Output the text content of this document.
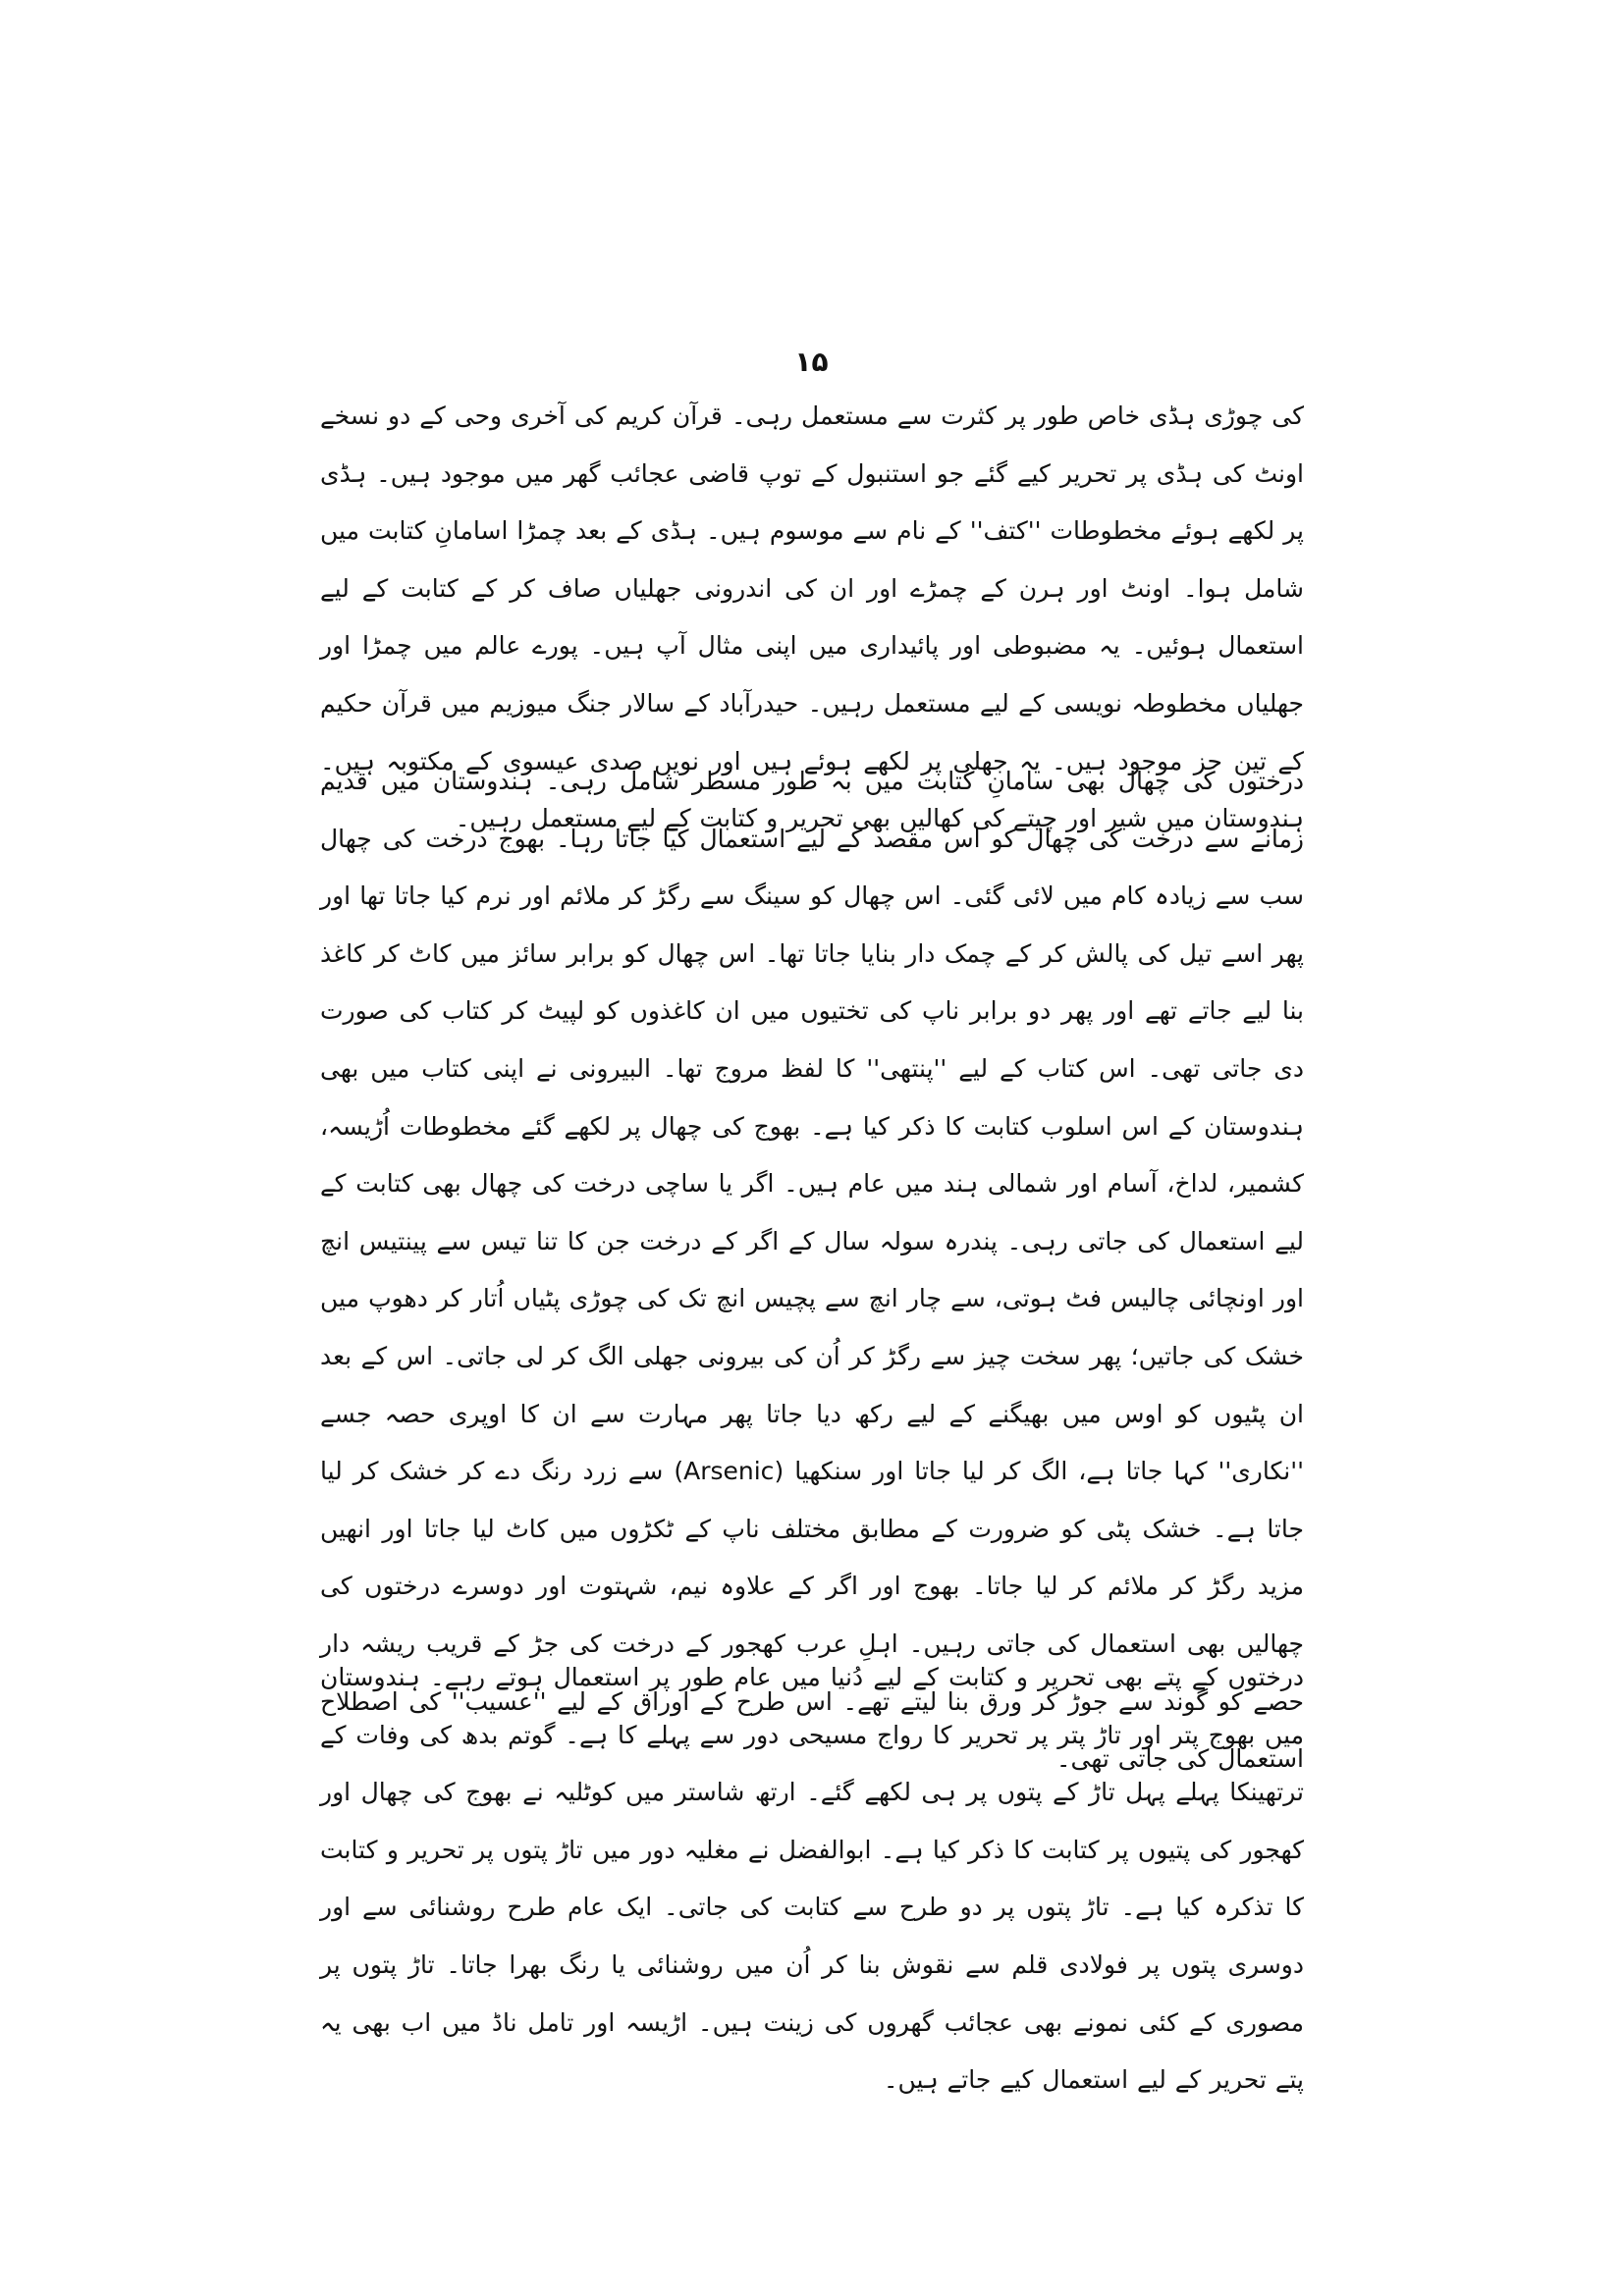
۱۵

کی چوڑی ہڈی خاص طور پر کثرت سے مستعمل رہی۔ قرآن کریم کی آخری وحی کے دو نسخے اونٹ کی ہڈی پر تحریر کیے گئے جو استنبول کے توپ قاضی عجائب گھر میں موجود ہیں۔ ہڈی پر لکھے ہوئے مخطوطات ''کتف'' کے نام سے موسوم ہیں۔ ہڈی کے بعد چمڑا اسامانِ کتابت میں شامل ہوا۔ اونٹ اور ہرن کے چمڑے اور ان کی اندرونی جھلیاں صاف کر کے کتابت کے لیے استعمال ہوئیں۔ یہ مضبوطی اور پائیداری میں اپنی مثال آپ ہیں۔ پورے عالم میں چمڑا اور جھلیاں مخطوطہ نویسی کے لیے مستعمل رہیں۔ حیدرآباد کے سالار جنگ میوزیم میں قرآن حکیم کے تین جز موجود ہیں۔ یہ جھلی پر لکھے ہوئے ہیں اور نویں صدی عیسوی کے مکتوبہ ہیں۔ ہندوستان میں شیر اور چیتے کی کھالیں بھی تحریر و کتابت کے لیے مستعمل رہیں۔

درختوں کی چھال بھی سامانِ کتابت میں بہ طور مسطر شامل رہی۔ ہندوستان میں قدیم زمانے سے درخت کی چھال کو اس مقصد کے لیے استعمال کیا جاتا رہا۔ بھوج درخت کی چھال سب سے زیادہ کام میں لائی گئی۔ اس چھال کو سینگ سے رگڑ کر ملائم اور نرم کیا جاتا تھا اور پھر اسے تیل کی پالش کر کے چمک دار بنایا جاتا تھا۔ اس چھال کو برابر سائز میں کاٹ کر کاغذ بنا لیے جاتے تھے اور پھر دو برابر ناپ کی تختیوں میں ان کاغذوں کو لپیٹ کر کتاب کی صورت دی جاتی تھی۔ اس کتاب کے لیے ''پنتھی'' کا لفظ مروج تھا۔ البیرونی نے اپنی کتاب میں بھی ہندوستان کے اس اسلوب کتابت کا ذکر کیا ہے۔ بھوج کی چھال پر لکھے گئے مخطوطات اُڑیسہ، کشمیر، لداخ، آسام اور شمالی ہند میں عام ہیں۔ اگر یا ساچی درخت کی چھال بھی کتابت کے لیے استعمال کی جاتی رہی۔ پندرہ سولہ سال کے اگر کے درخت جن کا تنا تیس سے پینتیس انچ اور اونچائی چالیس فٹ ہوتی، سے چار انچ سے پچیس انچ تک کی چوڑی پٹیاں اُتار کر دھوپ میں خشک کی جاتیں؛ پھر سخت چیز سے رگڑ کر اُن کی بیرونی جھلی الگ کر لی جاتی۔ اس کے بعد ان پٹیوں کو اوس میں بھیگنے کے لیے رکھ دیا جاتا پھر مہارت سے ان کا اوپری حصہ جسے ''نکاری'' کہا جاتا ہے، الگ کر لیا جاتا اور سنکھیا (Arsenic) سے زرد رنگ دے کر خشک کر لیا جاتا ہے۔ خشک پٹی کو ضرورت کے مطابق مختلف ناپ کے ٹکڑوں میں کاٹ لیا جاتا اور انھیں مزید رگڑ کر ملائم کر لیا جاتا۔ بھوج اور اگر کے علاوہ نیم، شہتوت اور دوسرے درختوں کی چھالیں بھی استعمال کی جاتی رہیں۔ اہلِ عرب کھجور کے درخت کی جڑ کے قریب ریشہ دار حصے کو گوند سے جوڑ کر ورق بنا لیتے تھے۔ اس طرح کے اوراق کے لیے ''عسیب'' کی اصطلاح استعمال کی جاتی تھی۔

درختوں کے پتے بھی تحریر و کتابت کے لیے دُنیا میں عام طور پر استعمال ہوتے رہے۔ ہندوستان میں بھوج پتر اور تاڑ پتر پر تحریر کا رواج مسیحی دور سے پہلے کا ہے۔ گوتم بدھ کی وفات کے ترتھینکا پہلے پہل تاڑ کے پتوں پر ہی لکھے گئے۔ ارتھ شاستر میں کوٹلیہ نے بھوج کی چھال اور کھجور کی پتیوں پر کتابت کا ذکر کیا ہے۔ ابوالفضل نے مغلیہ دور میں تاڑ پتوں پر تحریر و کتابت کا تذکرہ کیا ہے۔ تاڑ پتوں پر دو طرح سے کتابت کی جاتی۔ ایک عام طرح روشنائی سے اور دوسری پتوں پر فولادی قلم سے نقوش بنا کر اُن میں روشنائی یا رنگ بھرا جاتا۔ تاڑ پتوں پر مصوری کے کئی نمونے بھی عجائب گھروں کی زینت ہیں۔ اڑیسہ اور تامل ناڈ میں اب بھی یہ پتے تحریر کے لیے استعمال کیے جاتے ہیں۔
